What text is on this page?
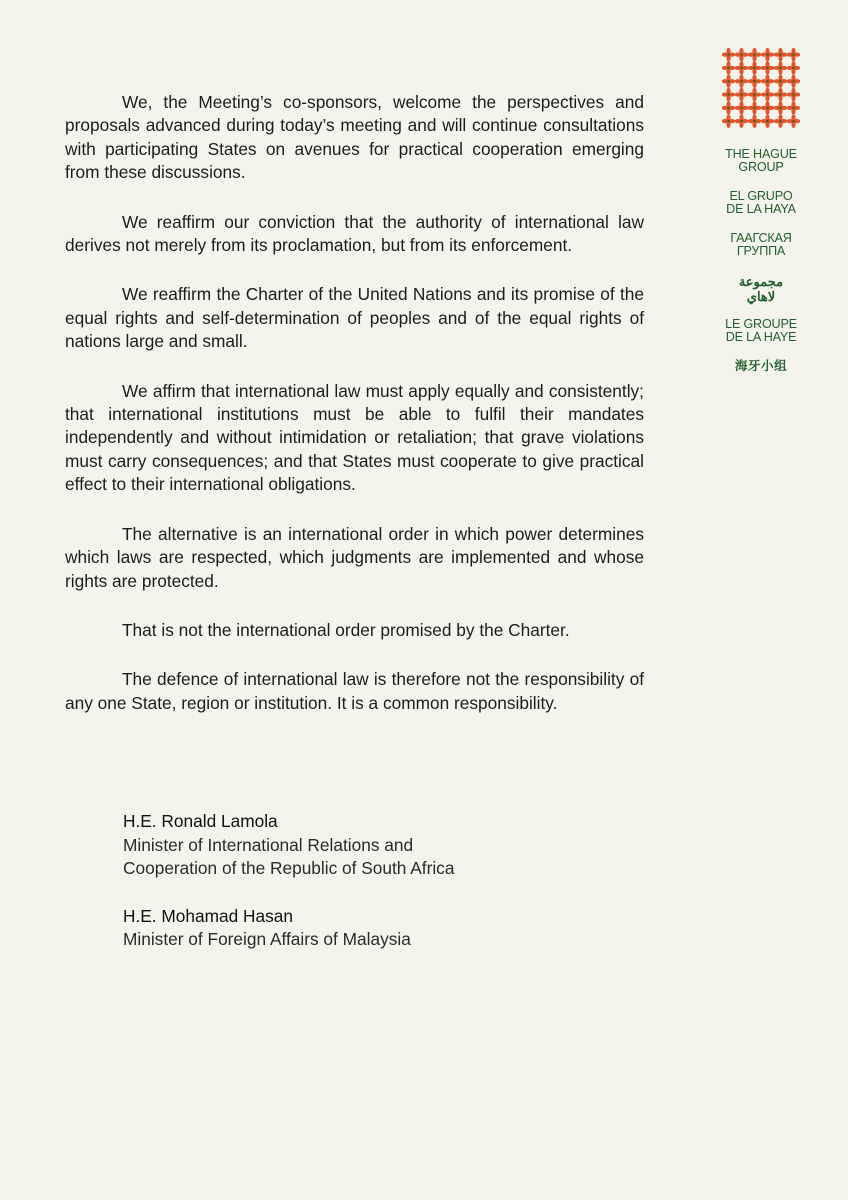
We, the Meeting’s co-sponsors, welcome the perspectives and proposals advanced during today’s meeting and will continue consultations with participating States on avenues for practical cooperation emerging from these discussions.

We reaffirm our conviction that the authority of international law derives not merely from its proclamation, but from its enforcement.

We reaffirm the Charter of the United Nations and its promise of the equal rights and self-determination of peoples and of the equal rights of nations large and small.

We affirm that international law must apply equally and consistently; that international institutions must be able to fulfil their mandates independently and without intimidation or retaliation; that grave violations must carry consequences; and that States must cooperate to give practical effect to their international obligations.

The alternative is an international order in which power determines which laws are respected, which judgments are implemented and whose rights are protected.

That is not the international order promised by the Charter.

The defence of international law is therefore not the responsibility of any one State, region or institution. It is a common responsibility.

H.E. Ronald Lamola
Minister of International Relations and
Cooperation of the Republic of South Africa
H.E. Mohamad Hasan
Minister of Foreign Affairs of Malaysia
THE HAGUE
GROUP
EL GRUPO
DE LA HAYA
ГААГСКАЯ
ГРУППА
مجموعة
لاهاي
LE GROUPE
DE LA HAYE
海牙小组
